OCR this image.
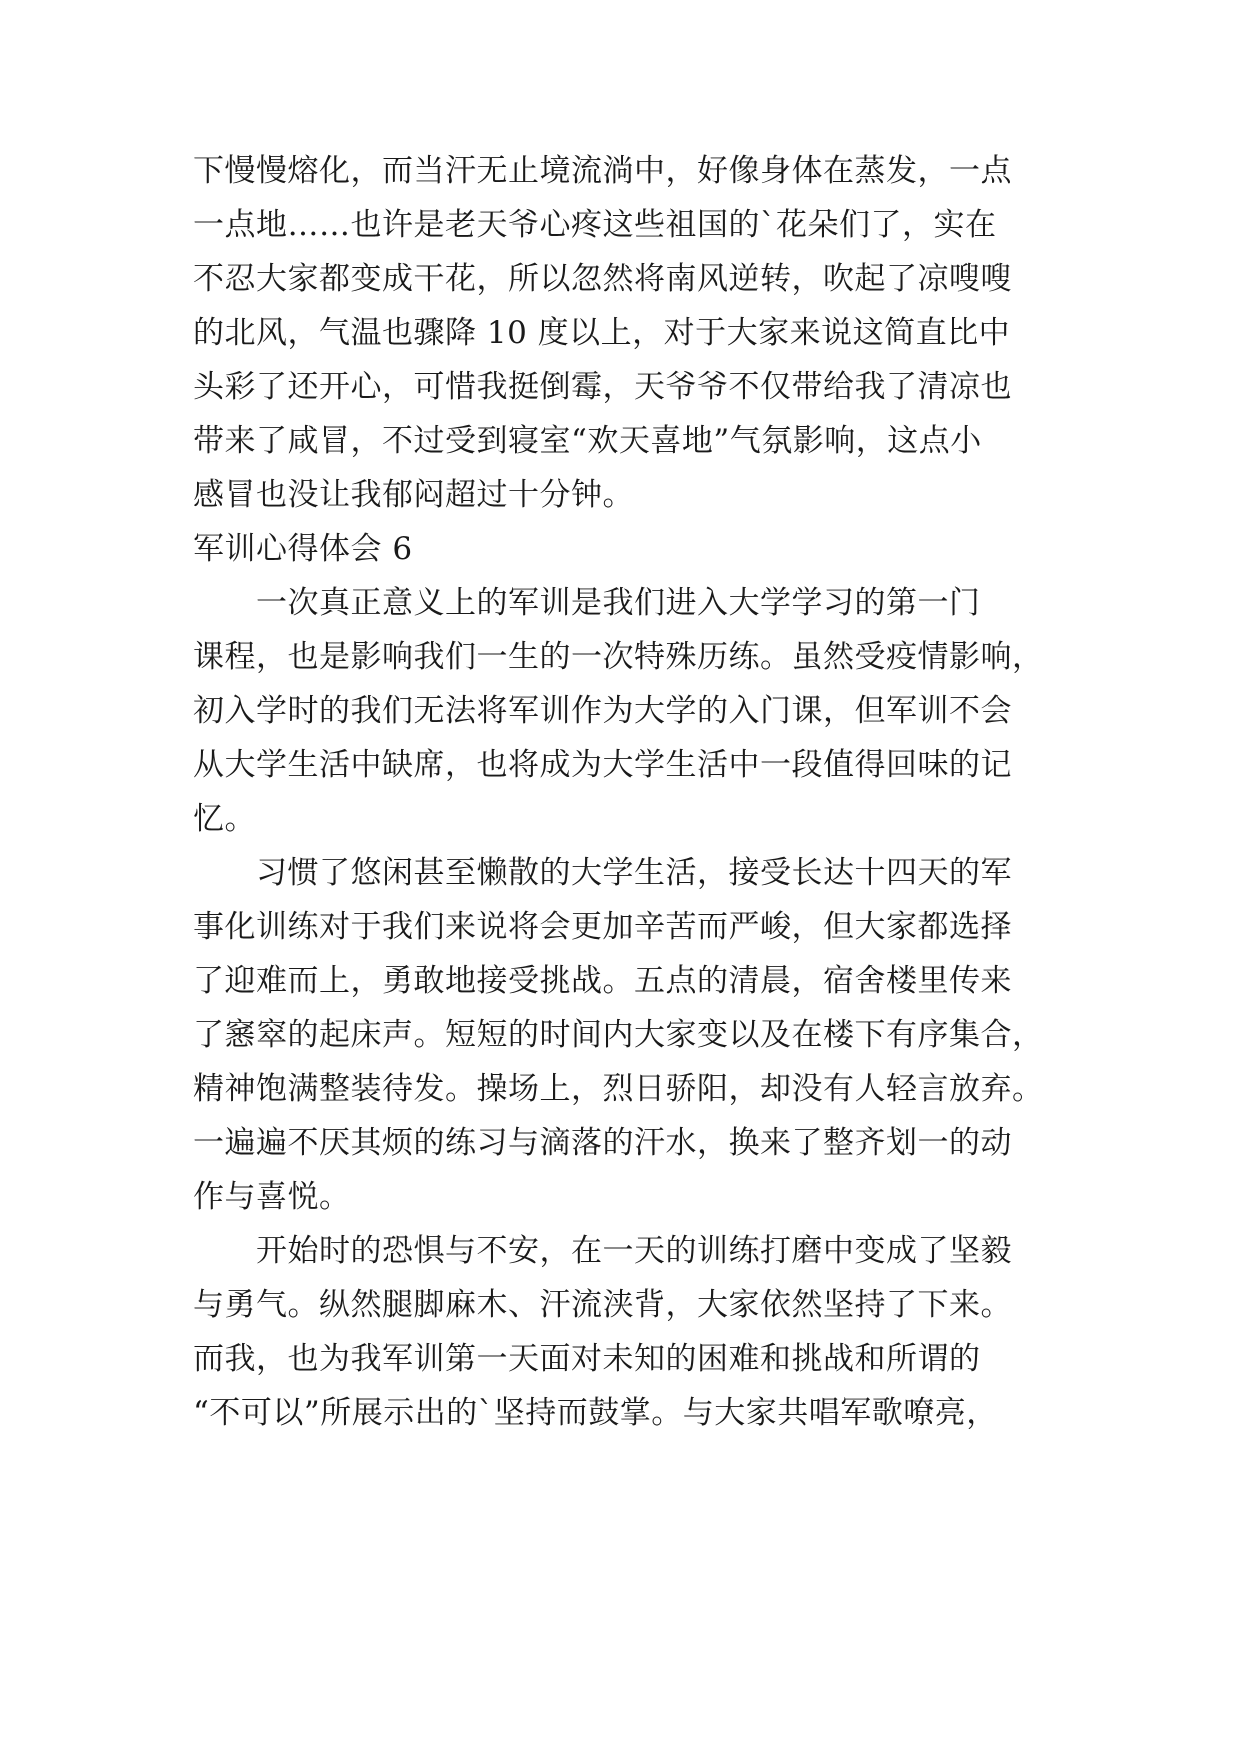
下慢慢熔化，而当汗无止境流淌中，好像身体在蒸发，一点
一点地……也许是老天爷心疼这些祖国的`花朵们了，实在
不忍大家都变成干花，所以忽然将南风逆转，吹起了凉嗖嗖
的北风，气温也骤降 10 度以上，对于大家来说这简直比中
头彩了还开心，可惜我挺倒霉，天爷爷不仅带给我了清凉也
带来了咸冒，不过受到寝室“欢天喜地”气氛影响，这点小
感冒也没让我郁闷超过十分钟。
军训心得体会 6
一次真正意义上的军训是我们进入大学学习的第一门
课程，也是影响我们一生的一次特殊历练。虽然受疫情影响，
初入学时的我们无法将军训作为大学的入门课，但军训不会
从大学生活中缺席，也将成为大学生活中一段值得回味的记
忆。
习惯了悠闲甚至懒散的大学生活，接受长达十四天的军
事化训练对于我们来说将会更加辛苦而严峻，但大家都选择
了迎难而上，勇敢地接受挑战。五点的清晨，宿舍楼里传来
了窸窣的起床声。短短的时间内大家变以及在楼下有序集合，
精神饱满整装待发。操场上，烈日骄阳，却没有人轻言放弃。
一遍遍不厌其烦的练习与滴落的汗水，换来了整齐划一的动
作与喜悦。
开始时的恐惧与不安，在一天的训练打磨中变成了坚毅
与勇气。纵然腿脚麻木、汗流浃背，大家依然坚持了下来。
而我，也为我军训第一天面对未知的困难和挑战和所谓的
“不可以”所展示出的`坚持而鼓掌。与大家共唱军歌嘹亮，
